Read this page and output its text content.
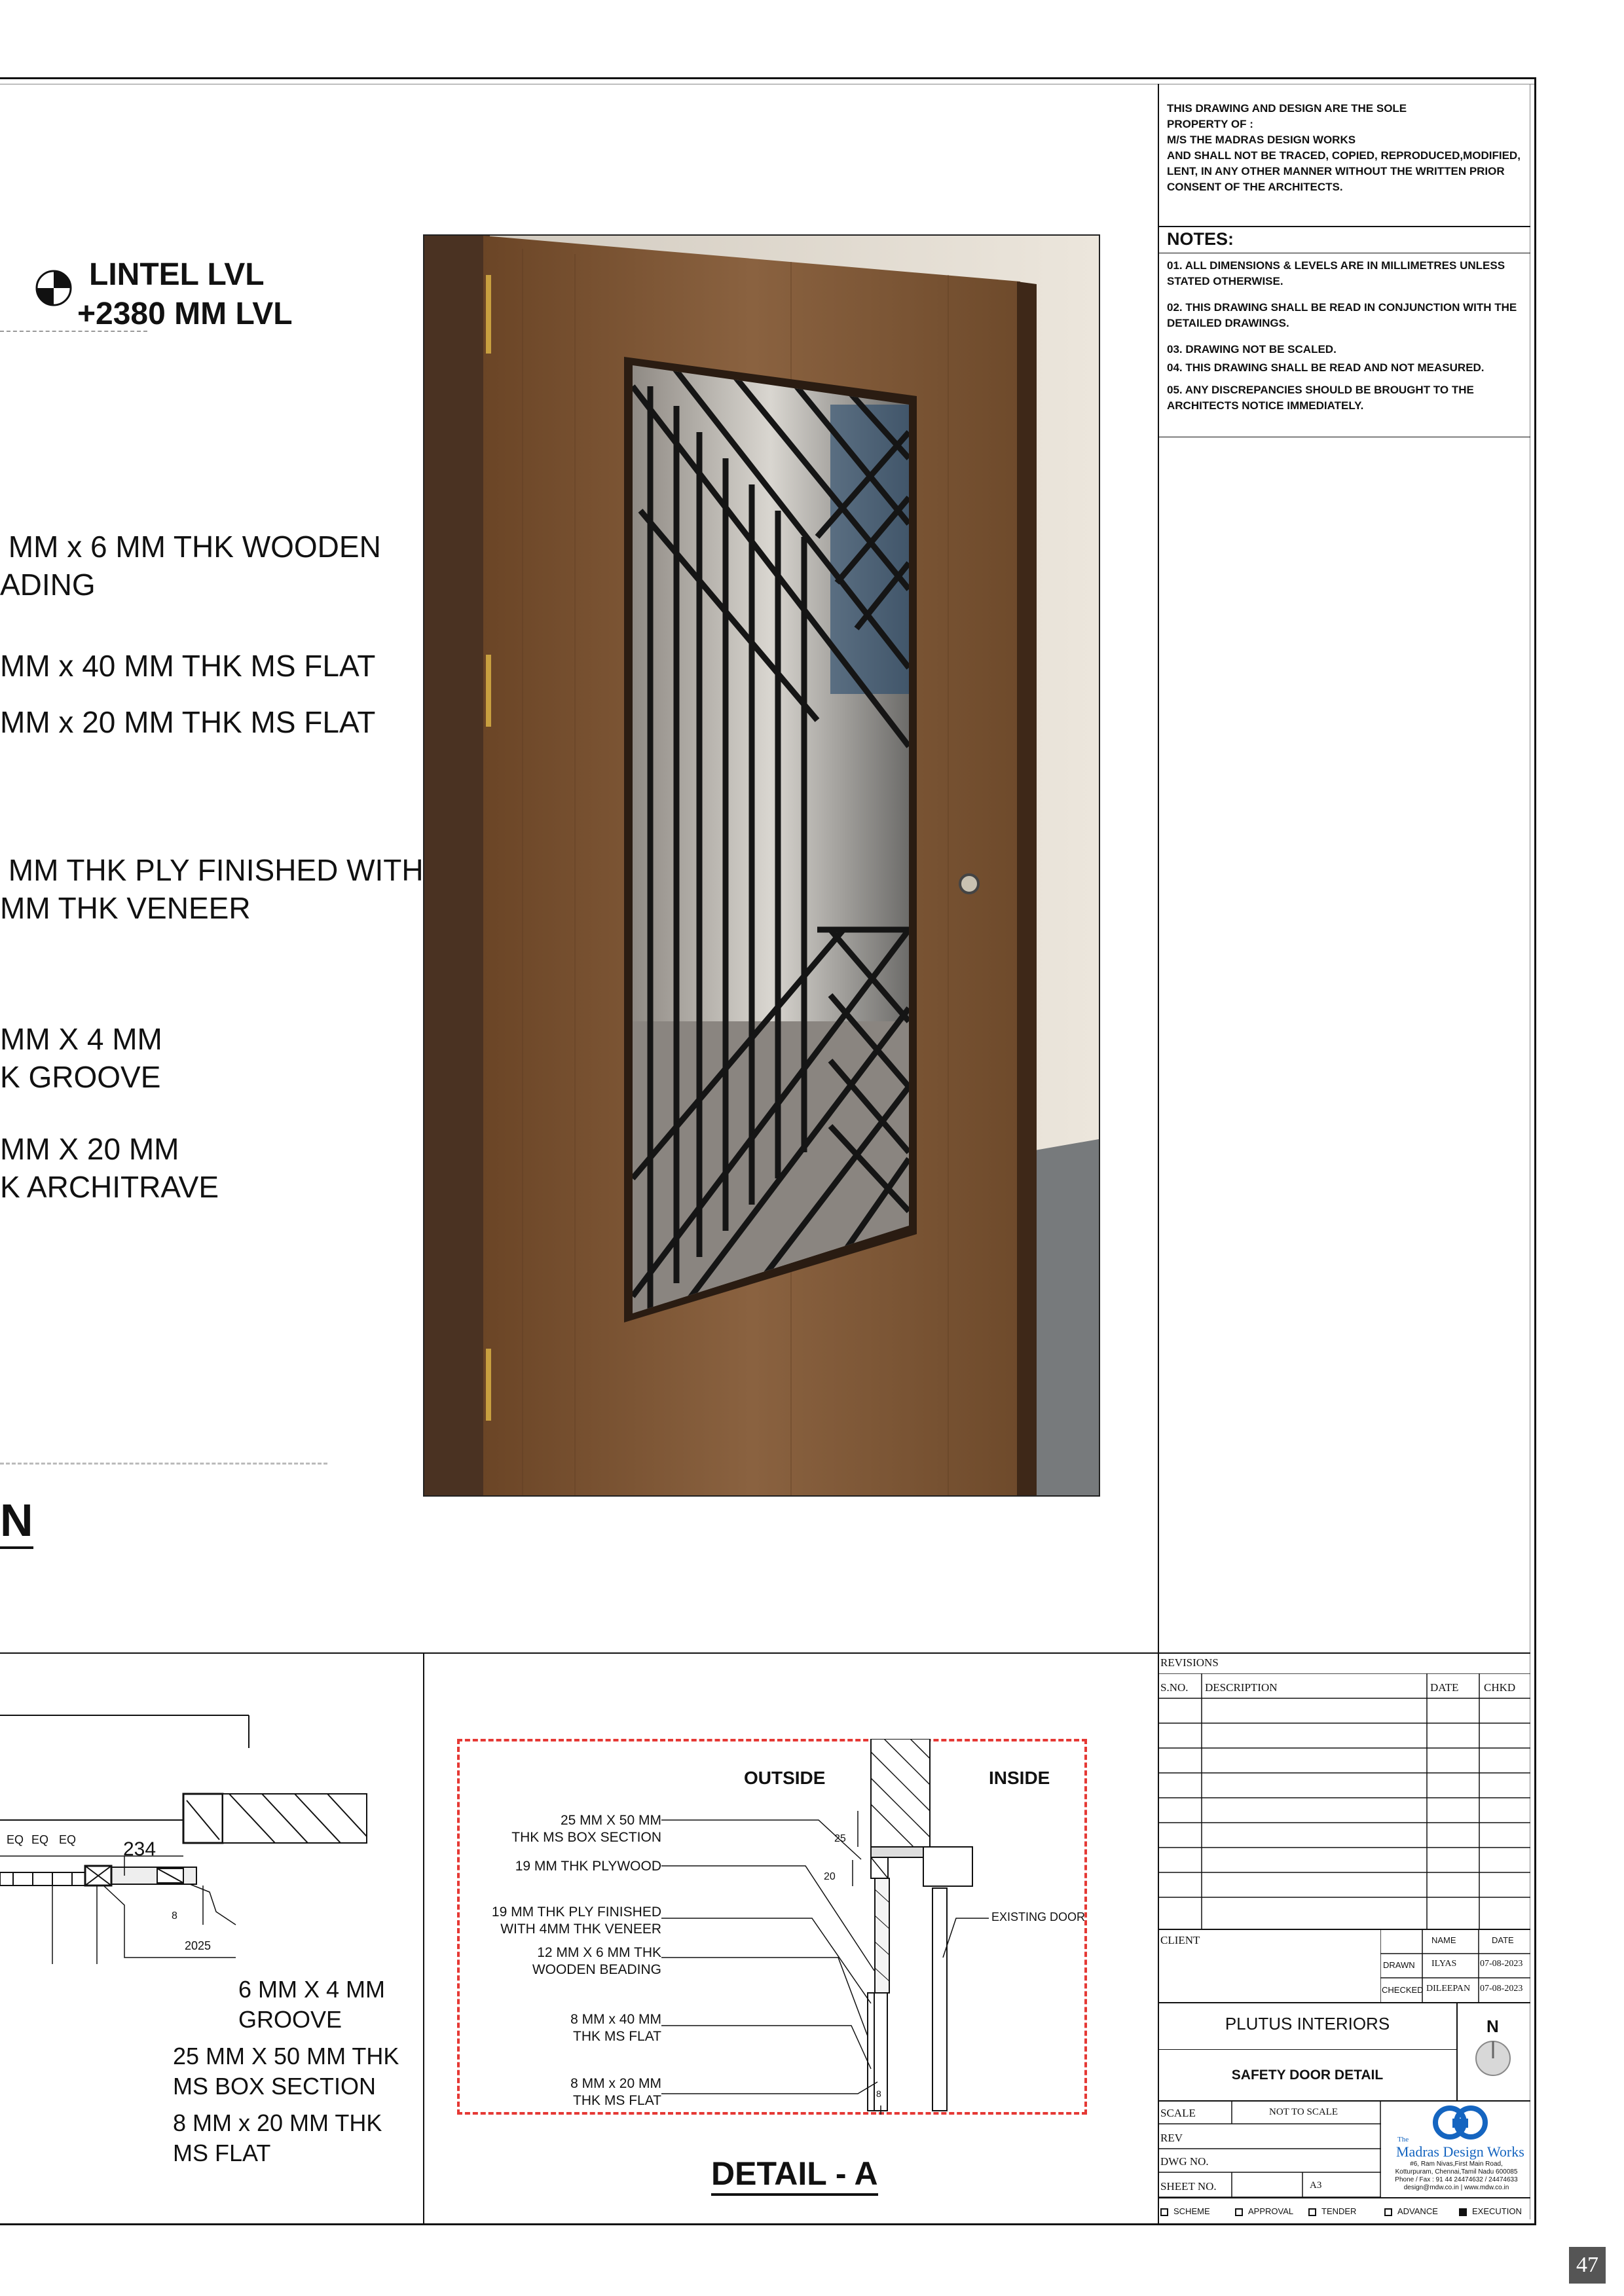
THIS DRAWING AND DESIGN ARE THE SOLE
PROPERTY OF :
M/S THE MADRAS DESIGN WORKS
AND SHALL NOT BE TRACED, COPIED, REPRODUCED,MODIFIED,
LENT, IN ANY OTHER MANNER WITHOUT THE WRITTEN PRIOR
CONSENT OF THE ARCHITECTS.
NOTES:
01. ALL DIMENSIONS & LEVELS ARE IN MILLIMETRES UNLESS STATED OTHERWISE.
02. THIS DRAWING SHALL BE READ IN CONJUNCTION WITH THE DETAILED DRAWINGS.
03. DRAWING NOT BE SCALED.
04. THIS DRAWING SHALL BE READ AND NOT MEASURED.
05. ANY DISCREPANCIES SHOULD BE BROUGHT TO THE ARCHITECTS NOTICE IMMEDIATELY.
LINTEL LVL
+2380 MM LVL
MM x 6 MM THK WOODEN
ADING
MM x 40 MM THK MS FLAT
MM x 20 MM THK MS FLAT
MM THK PLY FINISHED WITH
MM THK VENEER
MM X 4 MM
K GROOVE
MM X 20 MM
K ARCHITRAVE
N
EQ EQ EQ 234
8
2025
6 MM X 4 MM
GROOVE
25 MM X 50 MM THK
MS BOX SECTION
8 MM x 20 MM THK
MS FLAT
OUTSIDE	INSIDE
EXISTING DOOR
25
20
8
25 MM X 50 MM
THK MS BOX SECTION
19 MM THK PLYWOOD
19 MM THK PLY FINISHED
WITH 4MM THK VENEER
12 MM X 6 MM THK
WOODEN BEADING
8 MM x 40 MM
THK MS FLAT
8 MM x 20 MM
THK MS FLAT
DETAIL - A
REVISIONS
S.NO. DESCRIPTION	DATE CHKD
CLIENT	NAME	DATE
DRAWN ILYAS	07-08-2023
CHECKED DILEEPAN 07-08-2023
PLUTUS INTERIORS
SAFETY DOOR DETAIL
N
SCALE	NOT TO SCALE
REV
DWG NO.
SHEET NO.	A3
The
Madras Design Works
#6, Ram Nivas,First Main Road,
Kotturpuram, Chennai,Tamil Nadu 600085
Phone / Fax : 91 44 24474632 / 24474633
design@mdw.co.in | www.mdw.co.in
SCHEME	APPROVAL	TENDER	ADVANCE	EXECUTION
47
